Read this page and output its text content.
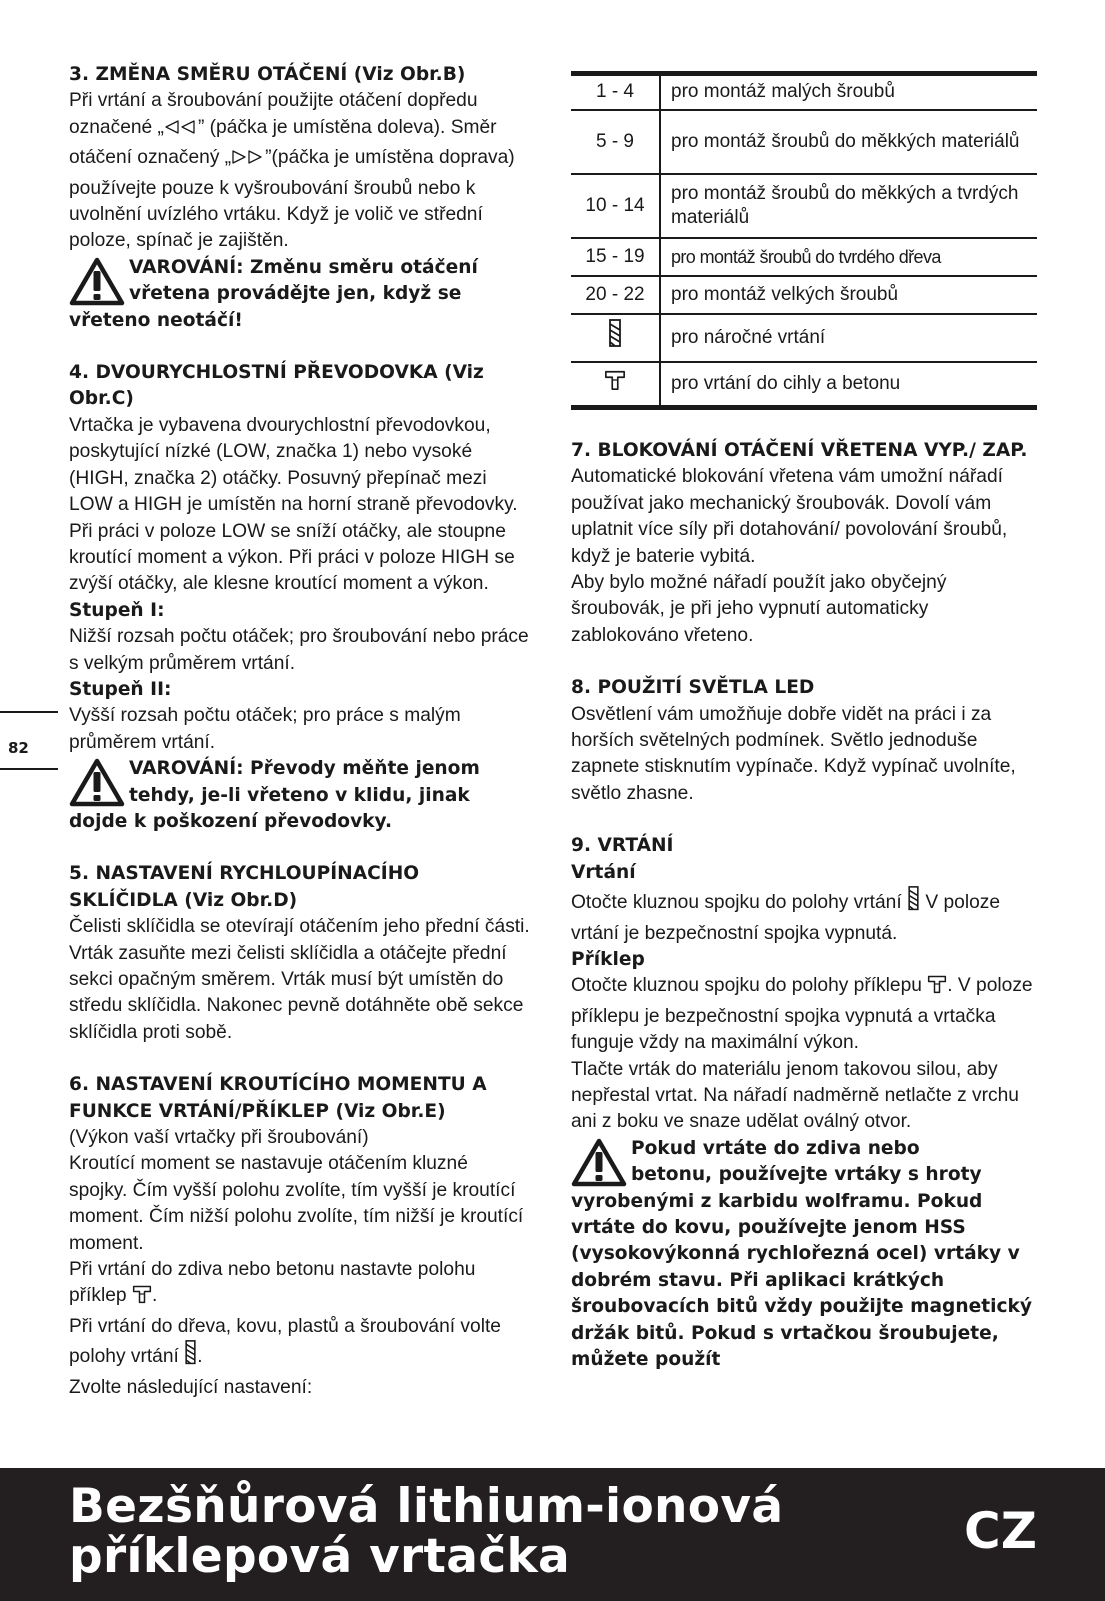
3. ZMĚNA SMĚRU OTÁČENÍ (Viz Obr.B)

Při vrtání a šroubování použijte otáčení dopředu označené „ ” (páčka je umístěna doleva). Směr otáčení označený „ ”(páčka je umístěna doprava) používejte pouze k vyšroubování šroubů nebo k uvolnění uvízlého vrtáku. Když je volič ve střední poloze, spínač je zajištěn.

VAROVÁNÍ: Změnu směru otáčení
vřetena provádějte jen, když se
vřeteno neotáčí!

4. DVOURYCHLOSTNÍ PŘEVODOVKA (Viz Obr.C)

Vrtačka je vybavena dvourychlostní převodovkou, poskytující nízké (LOW, značka 1) nebo vysoké (HIGH, značka 2) otáčky. Posuvný přepínač mezi LOW a HIGH je umístěn na horní straně převodovky. Při práci v poloze LOW se sníží otáčky, ale stoupne kroutící moment a výkon. Při práci v poloze HIGH se zvýší otáčky, ale klesne kroutící moment a výkon.

Stupeň I:

Nižší rozsah počtu otáček; pro šroubování nebo práce s velkým průměrem vrtání.

Stupeň II:

Vyšší rozsah počtu otáček; pro práce s malým průměrem vrtání.

VAROVÁNÍ: Převody měňte jenom
tehdy, je-li vřeteno v klidu, jinak
dojde k poškození převodovky.

5. NASTAVENÍ RYCHLOUPÍNACÍHO SKLÍČIDLA (Viz Obr.D)

Čelisti sklíčidla se otevírají otáčením jeho přední části. Vrták zasuňte mezi čelisti sklíčidla a otáčejte přední sekci opačným směrem. Vrták musí být umístěn do středu sklíčidla. Nakonec pevně dotáhněte obě sekce sklíčidla proti sobě.

6. NASTAVENÍ KROUTÍCÍHO MOMENTU A FUNKCE VRTÁNÍ/PŘÍKLEP (Viz Obr.E)

(Výkon vaší vrtačky při šroubování)

Kroutící moment se nastavuje otáčením kluzné spojky. Čím vyšší polohu zvolíte, tím vyšší je kroutící moment. Čím nižší polohu zvolíte, tím nižší je kroutící moment.

Při vrtání do zdiva nebo betonu nastavte polohu příklep .

Při vrtání do dřeva, kovu, plastů a šroubování volte polohy vrtání .

Zvolte následující nastavení:

82
1 - 4	pro montáž malých šroubů
5 - 9	pro montáž šroubů do měkkých materiálů
10 - 14	pro montáž šroubů do měkkých a tvrdých materiálů
15 - 19	pro montáž šroubů do tvrdého dřeva
20 - 22	pro montáž velkých šroubů
	pro náročné vrtání
	pro vrtání do cihly a betonu

7. BLOKOVÁNÍ OTÁČENÍ VŘETENA VYP./ ZAP.

Automatické blokování vřetena vám umožní nářadí používat jako mechanický šroubovák. Dovolí vám uplatnit více síly při dotahování/ povolování šroubů, když je baterie vybitá.

Aby bylo možné nářadí použít jako obyčejný šroubovák, je při jeho vypnutí automaticky zablokováno vřeteno.

8. POUŽITÍ SVĚTLA LED

Osvětlení vám umožňuje dobře vidět na práci i za horších světelných podmínek. Světlo jednoduše zapnete stisknutím vypínače. Když vypínač uvolníte, světlo zhasne.

9. VRTÁNÍ

Vrtání

Otočte kluznou spojku do polohy vrtání V poloze vrtání je bezpečnostní spojka vypnutá.

Příklep

Otočte kluznou spojku do polohy příklepu . V poloze příklepu je bezpečnostní spojka vypnutá a vrtačka funguje vždy na maximální výkon.

Tlačte vrták do materiálu jenom takovou silou, aby nepřestal vrtat. Na nářadí nadměrně netlačte z vrchu ani z boku ve snaze udělat oválný otvor.

Pokud vrtáte do zdiva nebo
betonu, používejte vrtáky s hroty
vyrobenými z karbidu wolframu. Pokud vrtáte do kovu, používejte jenom HSS (vysokovýkonná rychlořezná ocel) vrtáky v dobrém stavu. Při aplikaci krátkých šroubovacích bitů vždy použijte magnetický držák bitů. Pokud s vrtačkou šroubujete, můžete použít

Bezšňůrová lithium-ionová
příklepová vrtačka	CZ
